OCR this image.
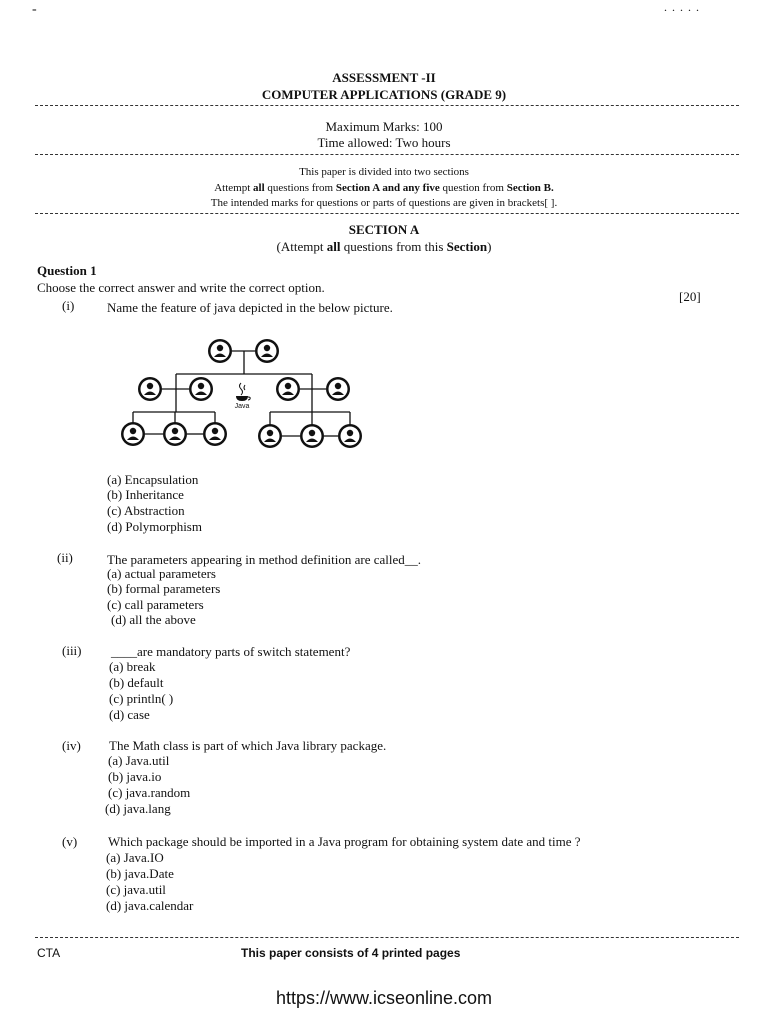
-	. . . . .
ASSESSMENT -II
COMPUTER APPLICATIONS (GRADE 9)
Maximum Marks: 100
Time allowed: Two hours
This paper is divided into two sections
Attempt all questions from Section A and any five question from Section B.
The intended marks for questions or parts of questions are given in brackets[ ].
SECTION A
(Attempt all questions from this Section)
Question 1
Choose the correct answer and write the correct option.
[20]
(i)	Name the feature of java depicted in the below picture.
Java
(a) Encapsulation
(b) Inheritance
(c) Abstraction
(d) Polymorphism
(ii)	The parameters appearing in method definition are called__.
(a) actual parameters
(b) formal parameters
(c) call parameters
(d) all the above
(iii) ____are mandatory parts of switch statement?
(a) break
(b) default
(c) println( )
(d) case
(iv) The Math class is part of which Java library package.
(a) Java.util
(b) java.io
(c) java.random
(d) java.lang
(v) Which package should be imported in a Java program for obtaining system date and time ?
(a) Java.IO
(b) java.Date
(c) java.util
(d) java.calendar
CTA	This paper consists of 4 printed pages
https://www.icseonline.com
